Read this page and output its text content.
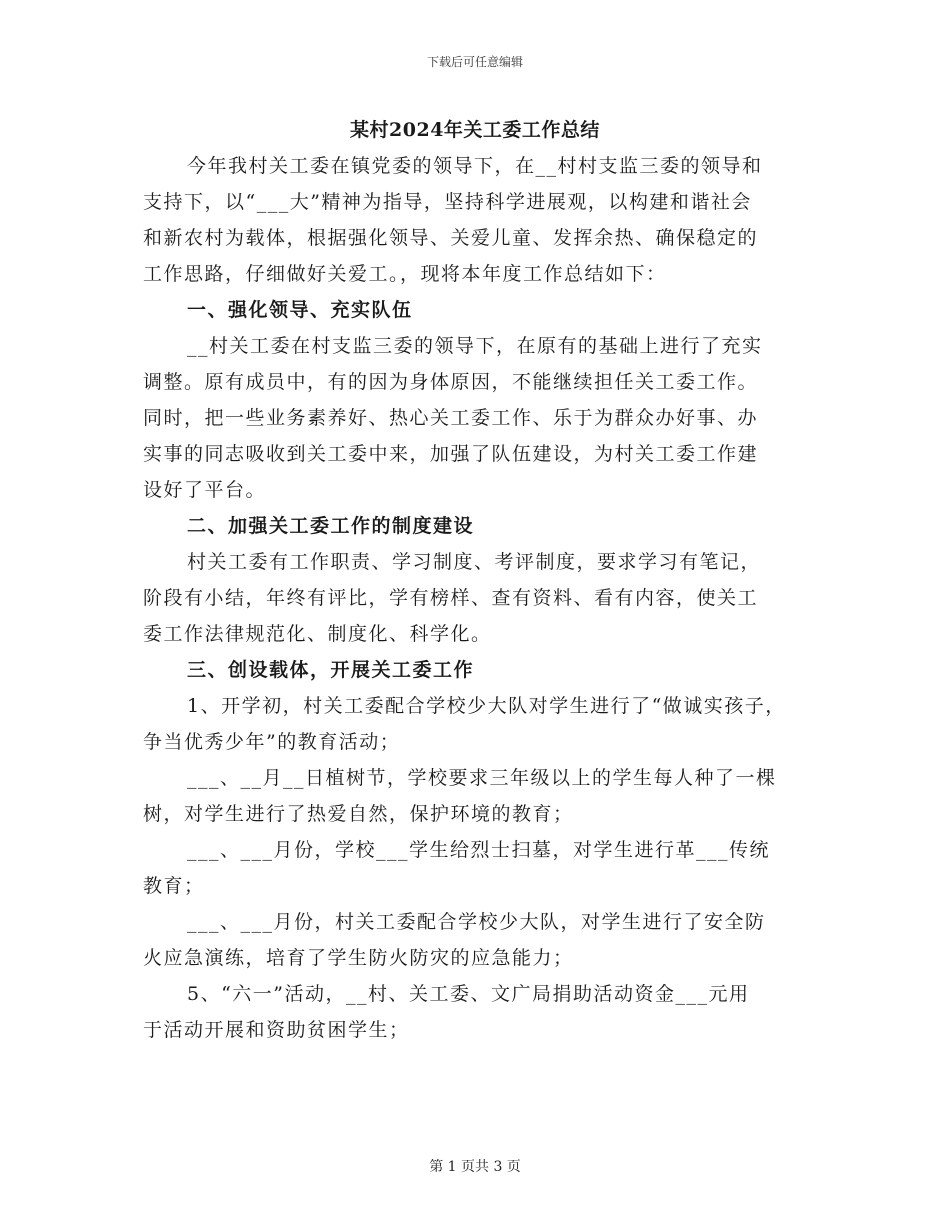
下载后可任意编辑
某村2024年关工委工作总结
今年我村关工委在镇党委的领导下，在__村村支监三委的领导和
支持下，以“___大”精神为指导，坚持科学进展观，以构建和谐社会
和新农村为载体，根据强化领导、关爱儿童、发挥余热、确保稳定的
工作思路，仔细做好关爱工。，现将本年度工作总结如下：
一、强化领导、充实队伍
__村关工委在村支监三委的领导下，在原有的基础上进行了充实
调整。原有成员中，有的因为身体原因，不能继续担任关工委工作。
同时，把一些业务素养好、热心关工委工作、乐于为群众办好事、办
实事的同志吸收到关工委中来，加强了队伍建设，为村关工委工作建
设好了平台。
二、加强关工委工作的制度建设
村关工委有工作职责、学习制度、考评制度，要求学习有笔记，
阶段有小结，年终有评比，学有榜样、查有资料、看有内容，使关工
委工作法律规范化、制度化、科学化。
三、创设载体，开展关工委工作
1、开学初，村关工委配合学校少大队对学生进行了“做诚实孩子，
争当优秀少年”的教育活动；
___、__月__日植树节，学校要求三年级以上的学生每人种了一棵
树，对学生进行了热爱自然，保护环境的教育；
___、___月份，学校___学生给烈士扫墓，对学生进行革___传统
教育；
___、___月份，村关工委配合学校少大队，对学生进行了安全防
火应急演练，培育了学生防火防灾的应急能力；
5、“六一”活动，__村、关工委、文广局捐助活动资金___元用
于活动开展和资助贫困学生；
第 1 页共 3 页
